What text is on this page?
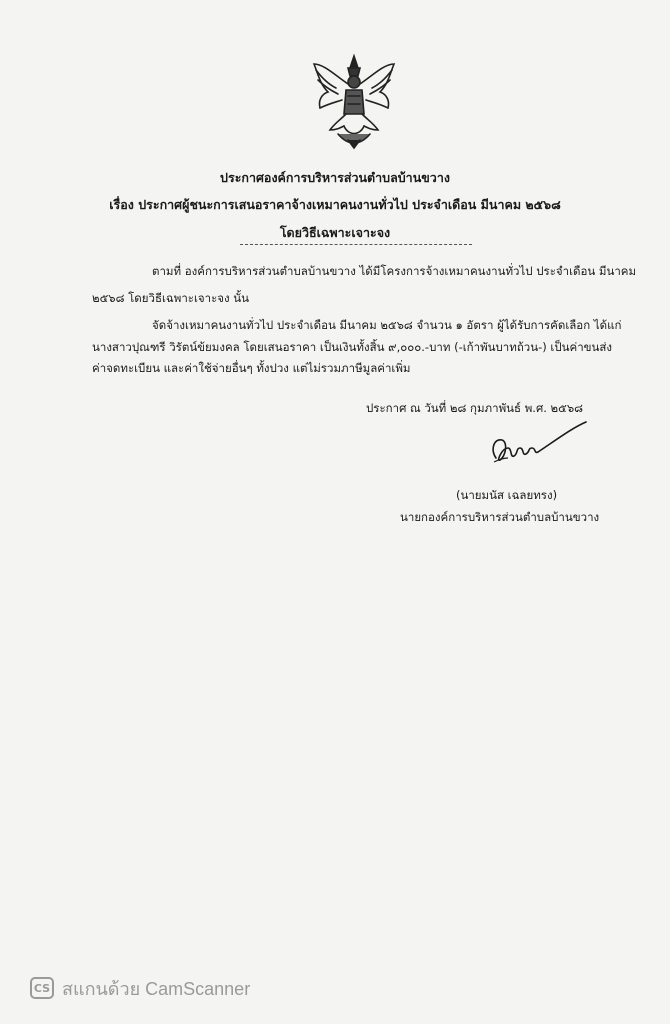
ประกาศองค์การบริหารส่วนตำบลบ้านขวาง
เรื่อง ประกาศผู้ชนะการเสนอราคาจ้างเหมาคนงานทั่วไป ประจำเดือน มีนาคม ๒๕๖๘
โดยวิธีเฉพาะเจาะจง
ตามที่ องค์การบริหารส่วนตำบลบ้านขวาง ได้มีโครงการจ้างเหมาคนงานทั่วไป ประจำเดือน มีนาคม
๒๕๖๘ โดยวิธีเฉพาะเจาะจง นั้น
จัดจ้างเหมาคนงานทั่วไป ประจำเดือน มีนาคม ๒๕๖๘ จำนวน ๑ อัตรา ผู้ได้รับการคัดเลือก ได้แก่
นางสาวปุณฑรี วิรัตน์ข้ยมงคล โดยเสนอราคา เป็นเงินทั้งสิ้น ๙,๐๐๐.-บาท (-เก้าพันบาทถ้วน-) เป็นค่าขนส่ง
ค่าจดทะเบียน และค่าใช้จ่ายอื่นๆ ทั้งปวง แต่ไม่รวมภาษีมูลค่าเพิ่ม
ประกาศ ณ วันที่ ๒๘ กุมภาพันธ์ พ.ศ. ๒๕๖๘
(นายมนัส เฉลยทรง)
นายกองค์การบริหารส่วนตำบลบ้านขวาง
CS สแกนด้วย CamScanner
